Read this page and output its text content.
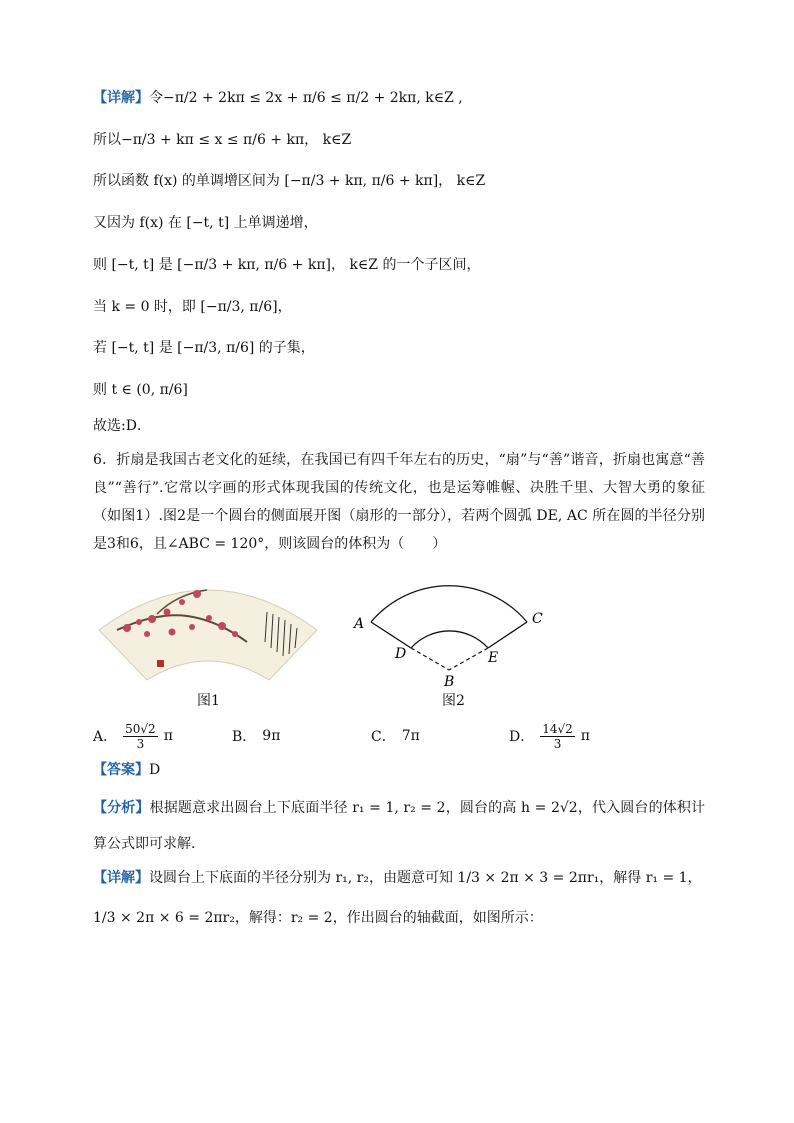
【详解】令−π/2 + 2kπ ≤ 2x + π/6 ≤ π/2 + 2kπ, k∈Z ,
所以−π/3 + kπ ≤ x ≤ π/6 + kπ， k∈Z
所以函数 f(x) 的单调增区间为 [−π/3 + kπ, π/6 + kπ]， k∈Z
又因为 f(x) 在 [−t, t] 上单调递增，
则 [−t, t] 是 [−π/3 + kπ, π/6 + kπ]， k∈Z 的一个子区间，
当 k = 0 时，即 [−π/3, π/6]，
若 [−t, t] 是 [−π/3, π/6] 的子集，
则 t ∈ (0, π/6]
故选:D．
6．折扇是我国古老文化的延续，在我国已有四千年左右的历史，“扇”与“善”谐音，折扇也寓意“善良”“善行”.它常以字画的形式体现我国的传统文化，也是运筹帷幄、决胜千里、大智大勇的象征（如图1）.图2是一个圆台的侧面展开图（扇形的一部分），若两个圆弧 DE, AC 所在圆的半径分别是3和6，且∠ABC = 120°，则该圆台的体积为（　　）
图1
A	C
D	E
B
图2
A． $\frac{50√2}{3}$ π	B． 9π	C． 7π	D． $\frac{14√2}{3}$ π
【答案】D
【分析】根据题意求出圆台上下底面半径 r₁ = 1, r₂ = 2，圆台的高 h = 2√2，代入圆台的体积计算公式即可求解.
【详解】设圆台上下底面的半径分别为 r₁, r₂，由题意可知 1/3 × 2π × 3 = 2πr₁，解得 r₁ = 1，
1/3 × 2π × 6 = 2πr₂，解得：r₂ = 2，作出圆台的轴截面，如图所示：
